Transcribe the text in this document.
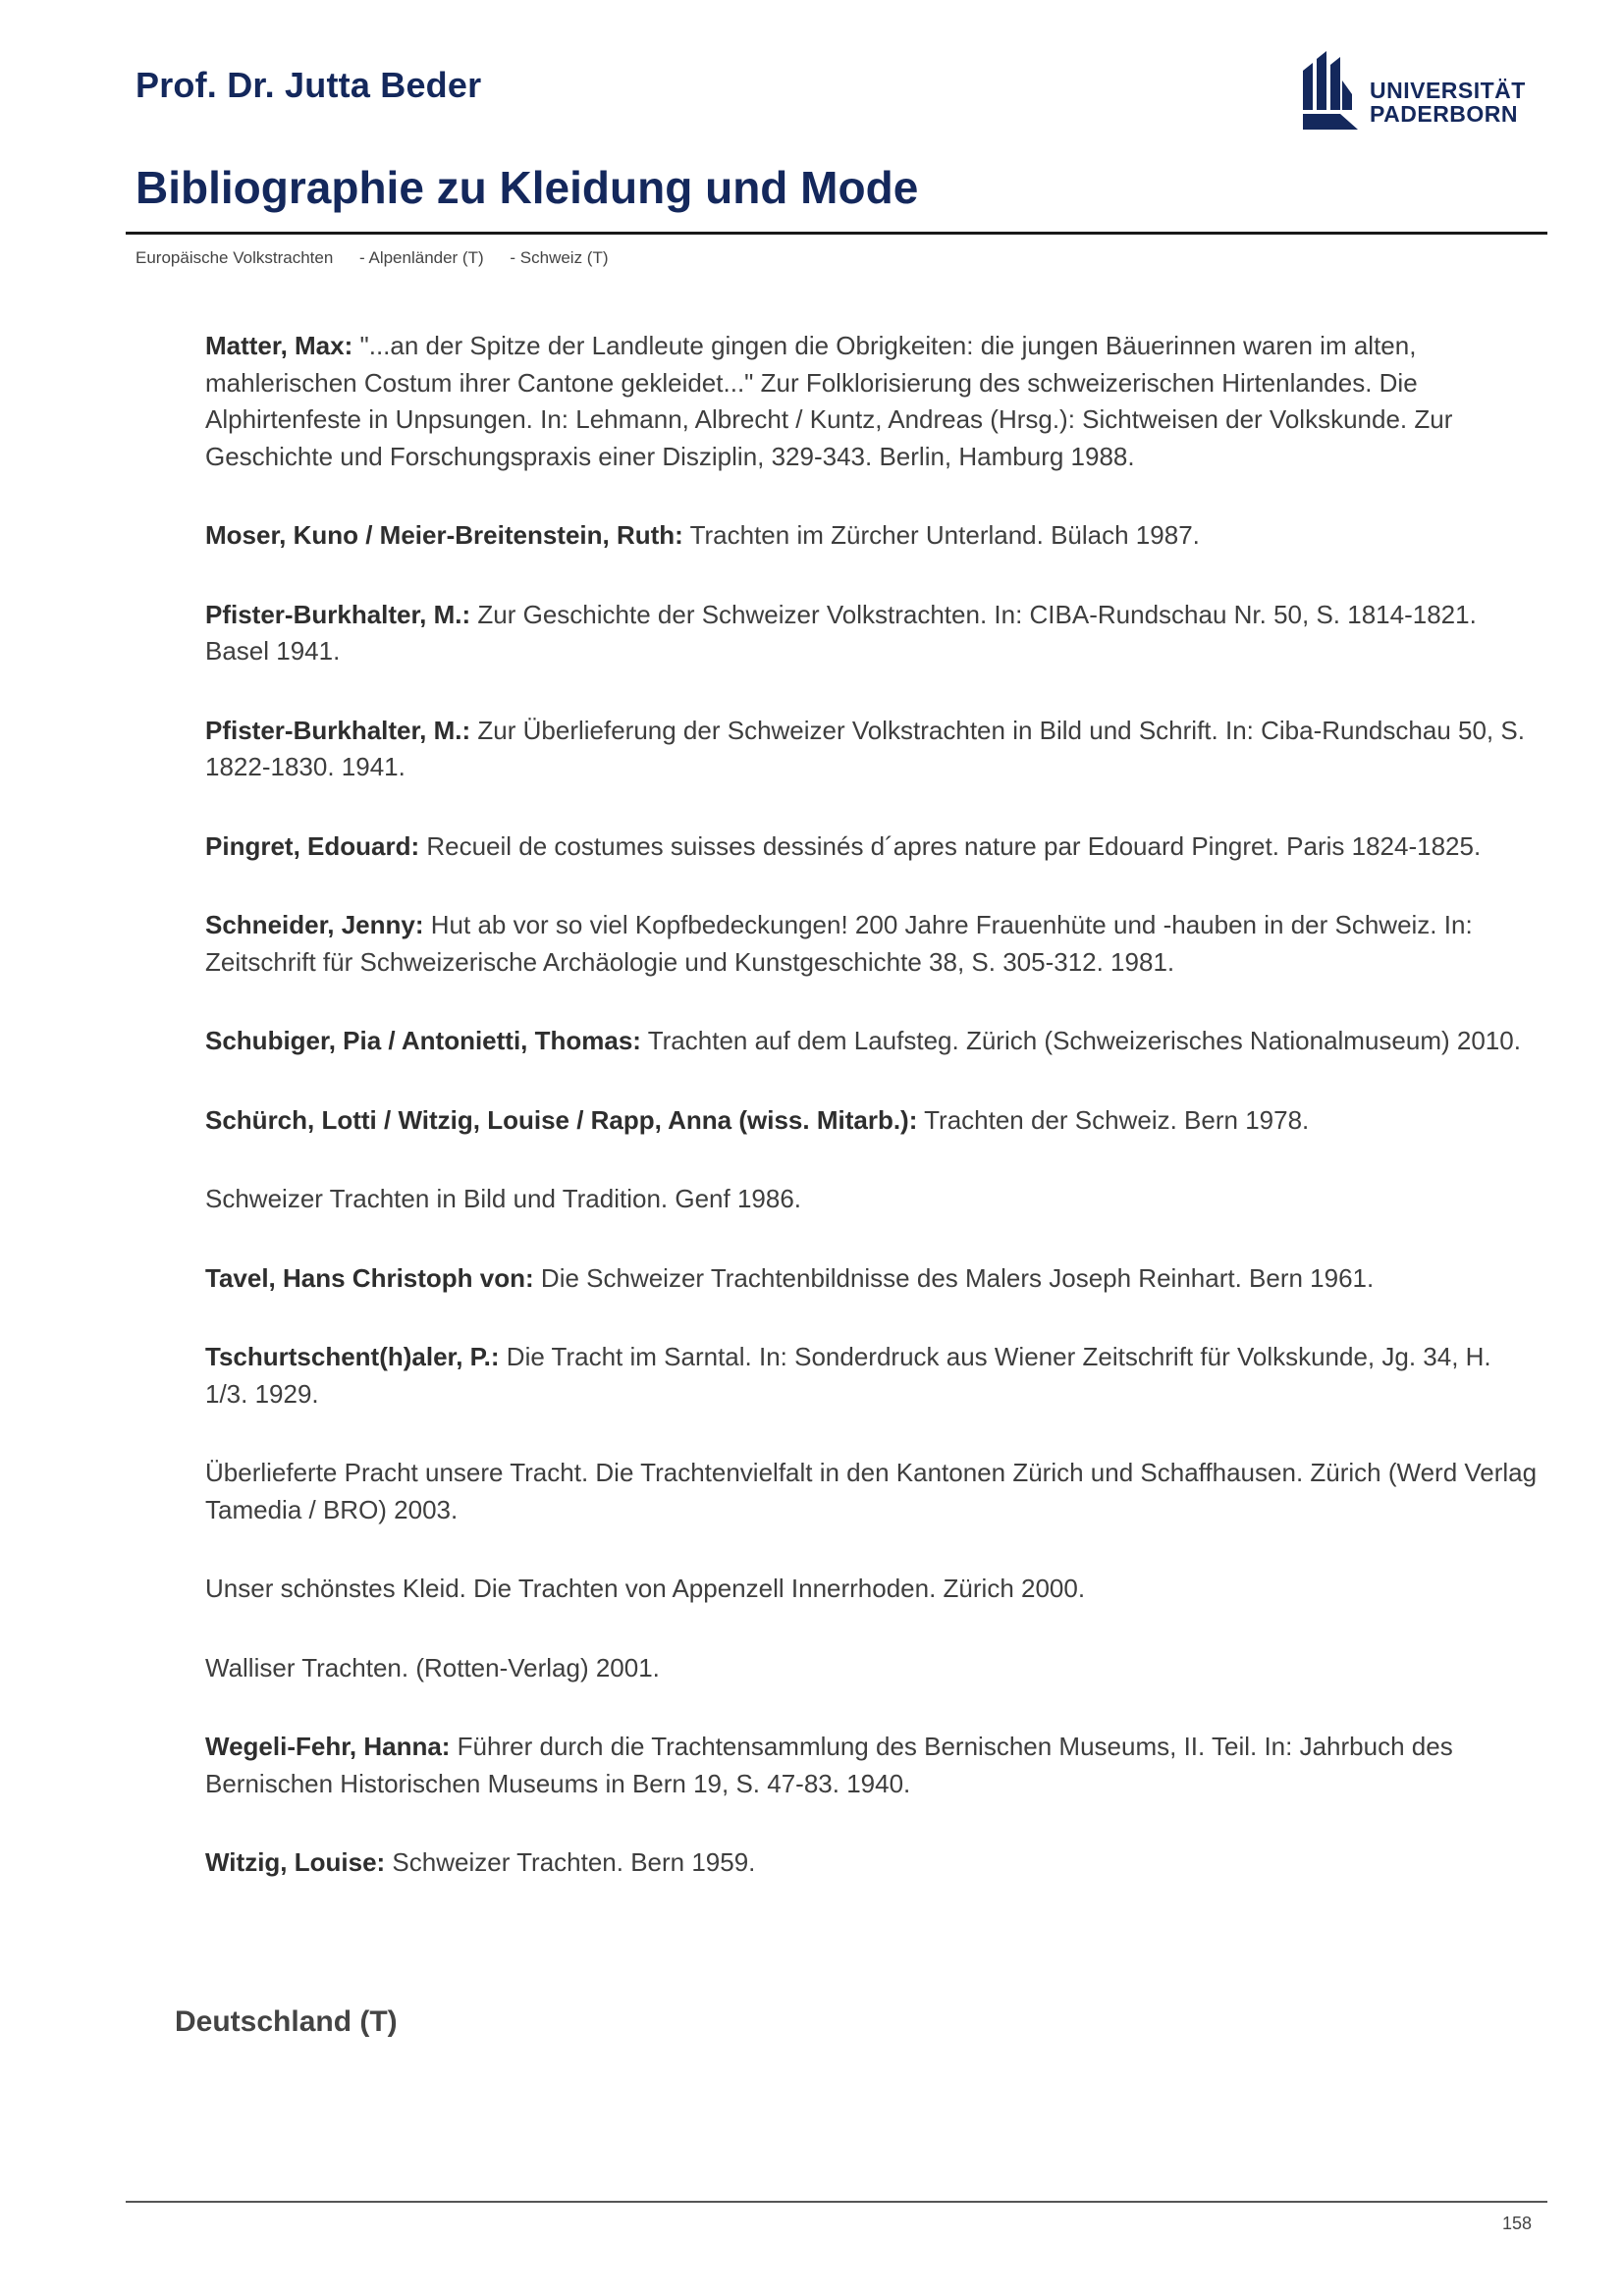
Prof. Dr. Jutta Beder	UNIVERSITÄT
PADERBORN
Bibliographie zu Kleidung und Mode
Europäische Volkstrachten - Alpenländer (T) - Schweiz (T)

Matter, Max: "...an der Spitze der Landleute gingen die Obrigkeiten: die jungen Bäuerinnen waren im alten, mahlerischen Costum ihrer Cantone gekleidet..." Zur Folklorisierung des schweizerischen Hirtenlandes. Die Alphirtenfeste in Unpsungen. In: Lehmann, Albrecht / Kuntz, Andreas (Hrsg.): Sichtweisen der Volkskunde. Zur Geschichte und Forschungspraxis einer Disziplin, 329-343. Berlin, Hamburg 1988.

Moser, Kuno / Meier-Breitenstein, Ruth: Trachten im Zürcher Unterland. Bülach 1987.

Pfister-Burkhalter, M.: Zur Geschichte der Schweizer Volkstrachten. In: CIBA-Rundschau Nr. 50, S. 1814-1821. Basel 1941.

Pfister-Burkhalter, M.: Zur Überlieferung der Schweizer Volkstrachten in Bild und Schrift. In: Ciba-Rundschau 50, S. 1822-1830. 1941.

Pingret, Edouard: Recueil de costumes suisses dessinés d´apres nature par Edouard Pingret. Paris 1824-1825.

Schneider, Jenny: Hut ab vor so viel Kopfbedeckungen! 200 Jahre Frauenhüte und -hauben in der Schweiz. In: Zeitschrift für Schweizerische Archäologie und Kunstgeschichte 38, S. 305-312. 1981.

Schubiger, Pia / Antonietti, Thomas: Trachten auf dem Laufsteg. Zürich (Schweizerisches Nationalmuseum) 2010.

Schürch, Lotti / Witzig, Louise / Rapp, Anna (wiss. Mitarb.): Trachten der Schweiz. Bern 1978.

Schweizer Trachten in Bild und Tradition. Genf 1986.

Tavel, Hans Christoph von: Die Schweizer Trachtenbildnisse des Malers Joseph Reinhart. Bern 1961.

Tschurtschent(h)aler, P.: Die Tracht im Sarntal. In: Sonderdruck aus Wiener Zeitschrift für Volkskunde, Jg. 34, H. 1/3. 1929.

Überlieferte Pracht unsere Tracht. Die Trachtenvielfalt in den Kantonen Zürich und Schaffhausen. Zürich (Werd Verlag Tamedia / BRO) 2003.

Unser schönstes Kleid. Die Trachten von Appenzell Innerrhoden. Zürich 2000.

Walliser Trachten. (Rotten-Verlag) 2001.

Wegeli-Fehr, Hanna: Führer durch die Trachtensammlung des Bernischen Museums, II. Teil. In: Jahrbuch des Bernischen Historischen Museums in Bern 19, S. 47-83. 1940.

Witzig, Louise: Schweizer Trachten. Bern 1959.

Deutschland (T)
158
